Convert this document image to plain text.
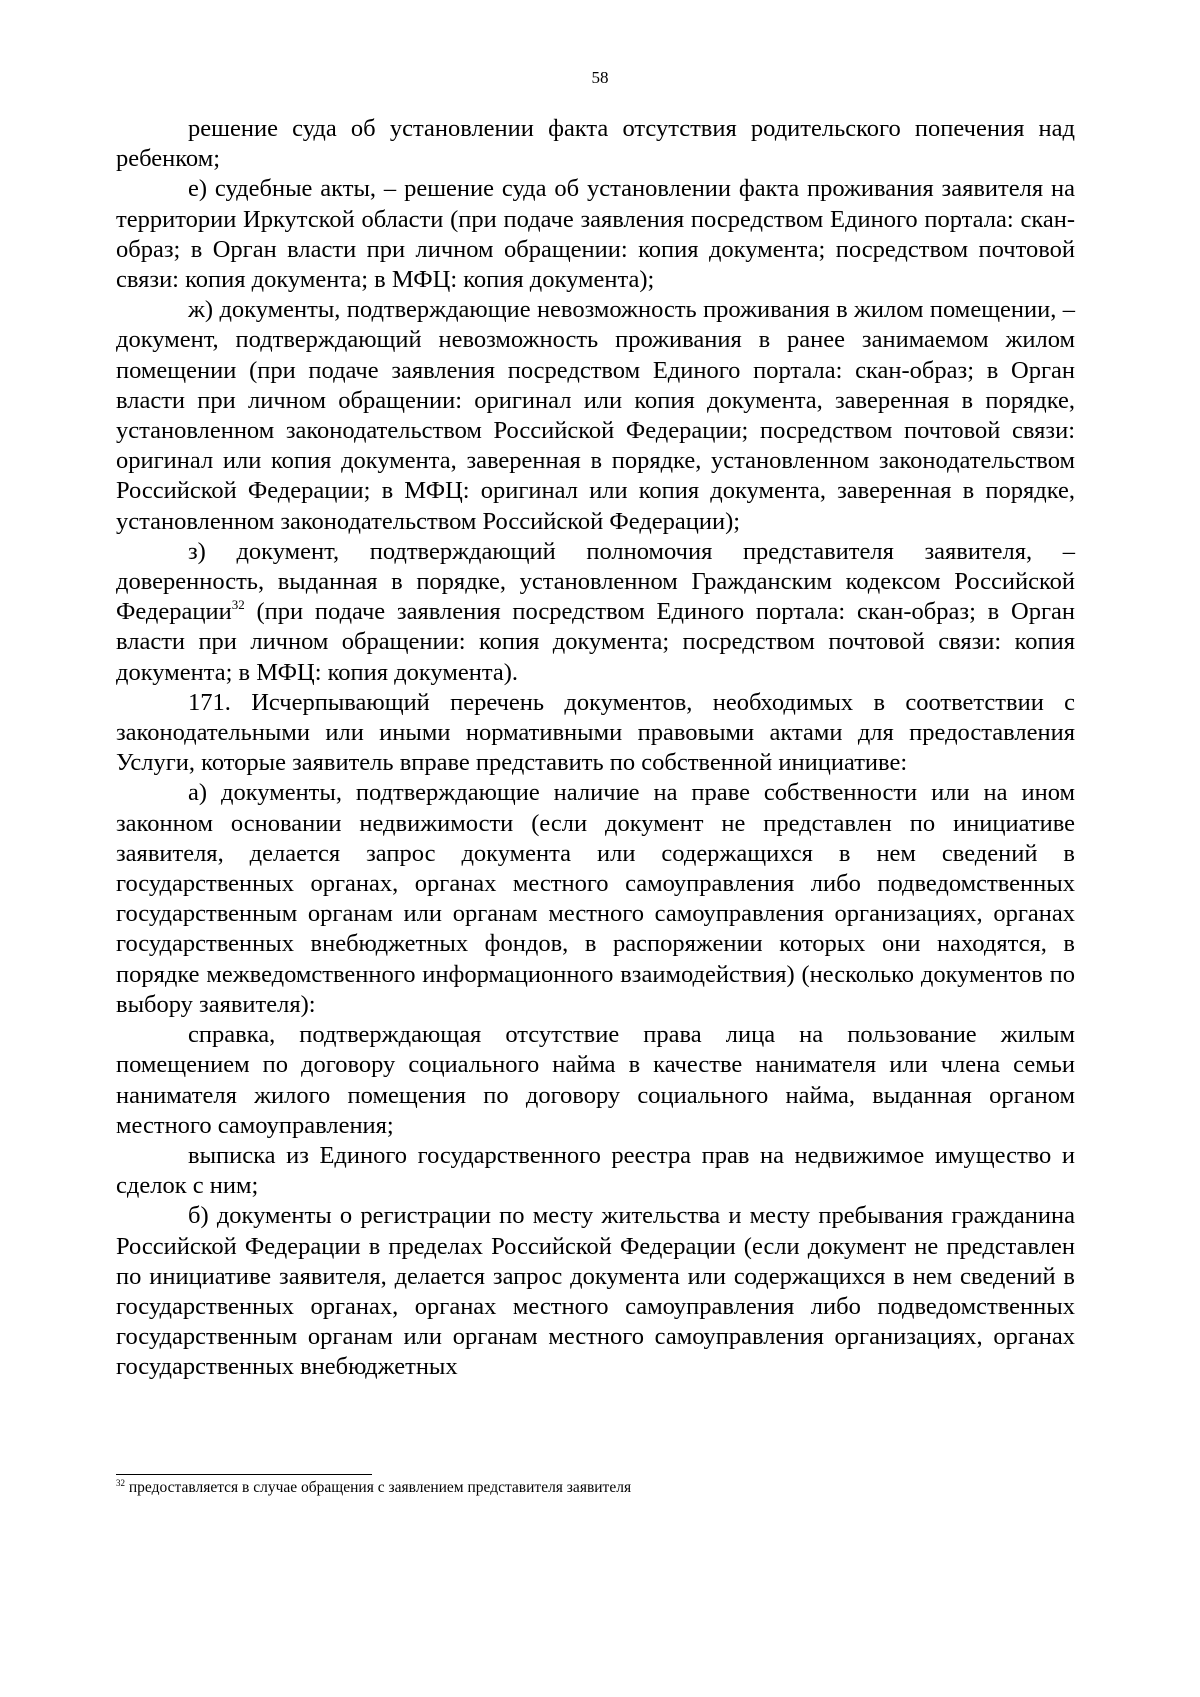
58

решение суда об установлении факта отсутствия родительского попечения над ребенком;

е) судебные акты, – решение суда об установлении факта проживания заявителя на территории Иркутской области (при подаче заявления посредством Единого портала: скан-образ; в Орган власти при личном обращении: копия документа; посредством почтовой связи: копия документа; в МФЦ: копия документа);

ж) документы, подтверждающие невозможность проживания в жилом помещении, – документ, подтверждающий невозможность проживания в ранее занимаемом жилом помещении (при подаче заявления посредством Единого портала: скан-образ; в Орган власти при личном обращении: оригинал или копия документа, заверенная в порядке, установленном законодательством Российской Федерации; посредством почтовой связи: оригинал или копия документа, заверенная в порядке, установленном законодательством Российской Федерации; в МФЦ: оригинал или копия документа, заверенная в порядке, установленном законодательством Российской Федерации);

з) документ, подтверждающий полномочия представителя заявителя, – доверенность, выданная в порядке, установленном Гражданским кодексом Российской Федерации$^{32}$ (при подаче заявления посредством Единого портала: скан-образ; в Орган власти при личном обращении: копия документа; посредством почтовой связи: копия документа; в МФЦ: копия документа).

171. Исчерпывающий перечень документов, необходимых в соответствии с законодательными или иными нормативными правовыми актами для предоставления Услуги, которые заявитель вправе представить по собственной инициативе:

а) документы, подтверждающие наличие на праве собственности или на ином законном основании недвижимости (если документ не представлен по инициативе заявителя, делается запрос документа или содержащихся в нем сведений в государственных органах, органах местного самоуправления либо подведомственных государственным органам или органам местного самоуправления организациях, органах государственных внебюджетных фондов, в распоряжении которых они находятся, в порядке межведомственного информационного взаимодействия) (несколько документов по выбору заявителя):

справка, подтверждающая отсутствие права лица на пользование жилым помещением по договору социального найма в качестве нанимателя или члена семьи нанимателя жилого помещения по договору социального найма, выданная органом местного самоуправления;

выписка из Единого государственного реестра прав на недвижимое имущество и сделок с ним;

б) документы о регистрации по месту жительства и месту пребывания гражданина Российской Федерации в пределах Российской Федерации (если документ не представлен по инициативе заявителя, делается запрос документа или содержащихся в нем сведений в государственных органах, органах местного самоуправления либо подведомственных государственным органам или органам местного самоуправления организациях, органах государственных внебюджетных

$^{32}$ предоставляется в случае обращения с заявлением представителя заявителя
